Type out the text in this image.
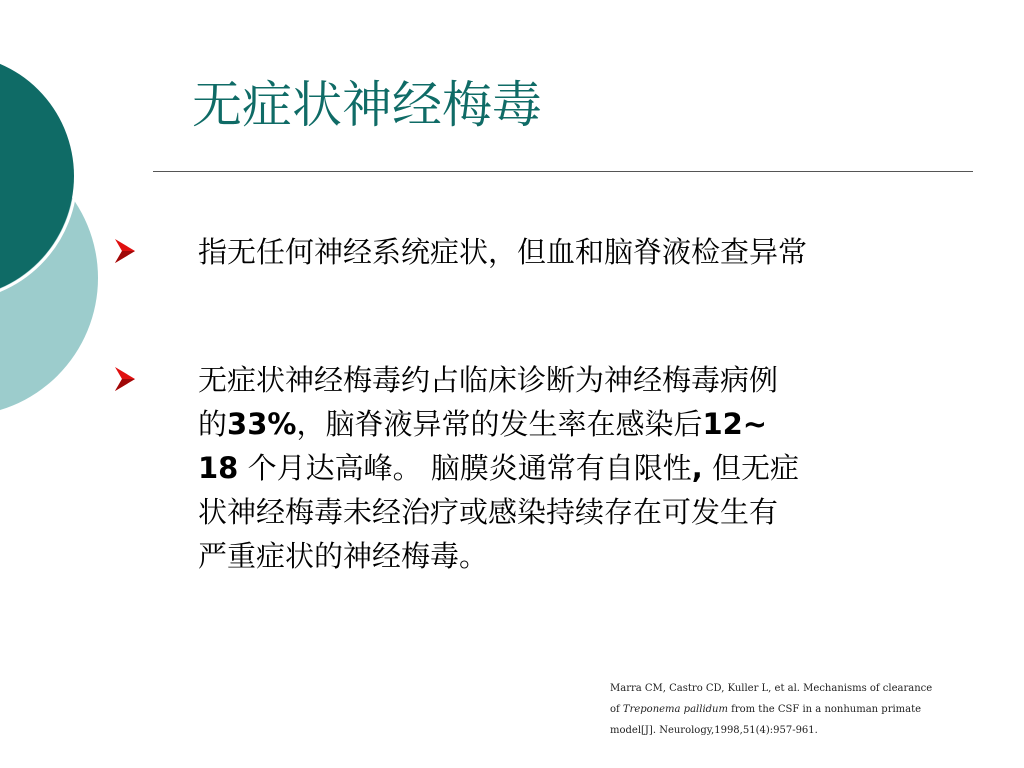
无症状神经梅毒
指无任何神经系统症状，但血和脑脊液检查异常
无症状神经梅毒约占临床诊断为神经梅毒病例
的33%，脑脊液异常的发生率在感染后12~
18 个月达高峰。 脑膜炎通常有自限性, 但无症
状神经梅毒未经治疗或感染持续存在可发生有
严重症状的神经梅毒。
Marra CM, Castro CD, Kuller L, et al. Mechanisms of clearance
of Treponema pallidum from the CSF in a nonhuman primate
model[J]. Neurology,1998,51(4):957-961.
